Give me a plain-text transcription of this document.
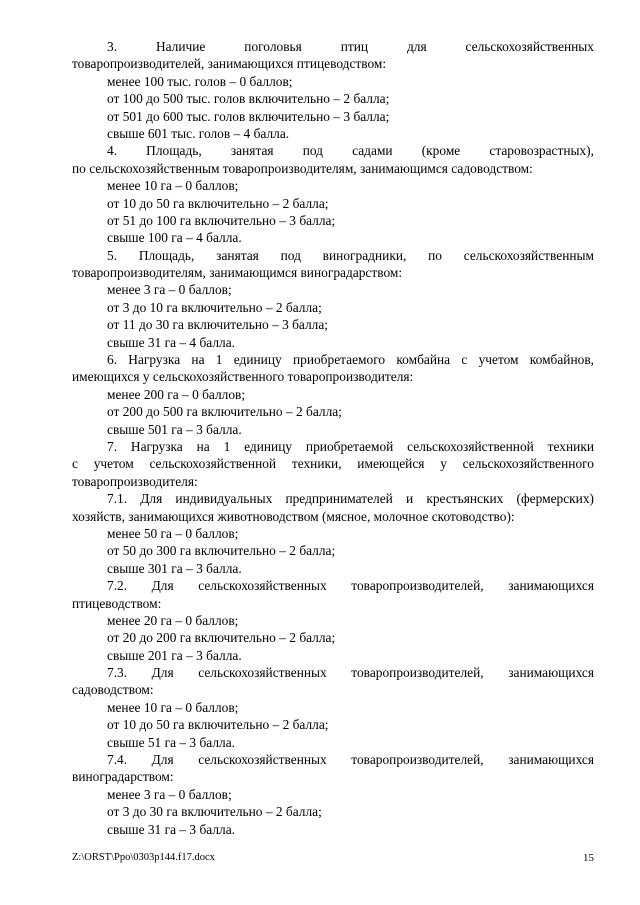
3. Наличие поголовья птиц для сельскохозяйственных
товаропроизводителей, занимающихся птицеводством:
менее 100 тыс. голов – 0 баллов;
от 100 до 500 тыс. голов включительно – 2 балла;
от 501 до 600 тыс. голов включительно – 3 балла;
свыше 601 тыс. голов – 4 балла.
4. Площадь, занятая под садами (кроме старовозрастных),
по сельскохозяйственным товаропроизводителям, занимающимся садоводством:
менее 10 га – 0 баллов;
от 10 до 50 га включительно – 2 балла;
от 51 до 100 га включительно – 3 балла;
свыше 100 га – 4 балла.
5. Площадь, занятая под виноградники, по сельскохозяйственным
товаропроизводителям, занимающимся виноградарством:
менее 3 га – 0 баллов;
от 3 до 10 га включительно – 2 балла;
от 11 до 30 га включительно – 3 балла;
свыше 31 га – 4 балла.
6. Нагрузка на 1 единицу приобретаемого комбайна с учетом комбайнов,
имеющихся у сельскохозяйственного товаропроизводителя:
менее 200 га – 0 баллов;
от 200 до 500 га включительно – 2 балла;
свыше 501 га – 3 балла.
7. Нагрузка на 1 единицу приобретаемой сельскохозяйственной техники
с учетом сельскохозяйственной техники, имеющейся у сельскохозяйственного
товаропроизводителя:
7.1. Для индивидуальных предпринимателей и крестьянских (фермерских)
хозяйств, занимающихся животноводством (мясное, молочное скотоводство):
менее 50 га – 0 баллов;
от 50 до 300 га включительно – 2 балла;
свыше 301 га – 3 балла.
7.2. Для сельскохозяйственных товаропроизводителей, занимающихся
птицеводством:
менее 20 га – 0 баллов;
от 20 до 200 га включительно – 2 балла;
свыше 201 га – 3 балла.
7.3. Для сельскохозяйственных товаропроизводителей, занимающихся
садоводством:
менее 10 га – 0 баллов;
от 10 до 50 га включительно – 2 балла;
свыше 51 га – 3 балла.
7.4. Для сельскохозяйственных товаропроизводителей, занимающихся
виноградарством:
менее 3 га – 0 баллов;
от 3 до 30 га включительно – 2 балла;
свыше 31 га – 3 балла.
Z:\ORST\Ppo\0303p144.f17.docx	15
